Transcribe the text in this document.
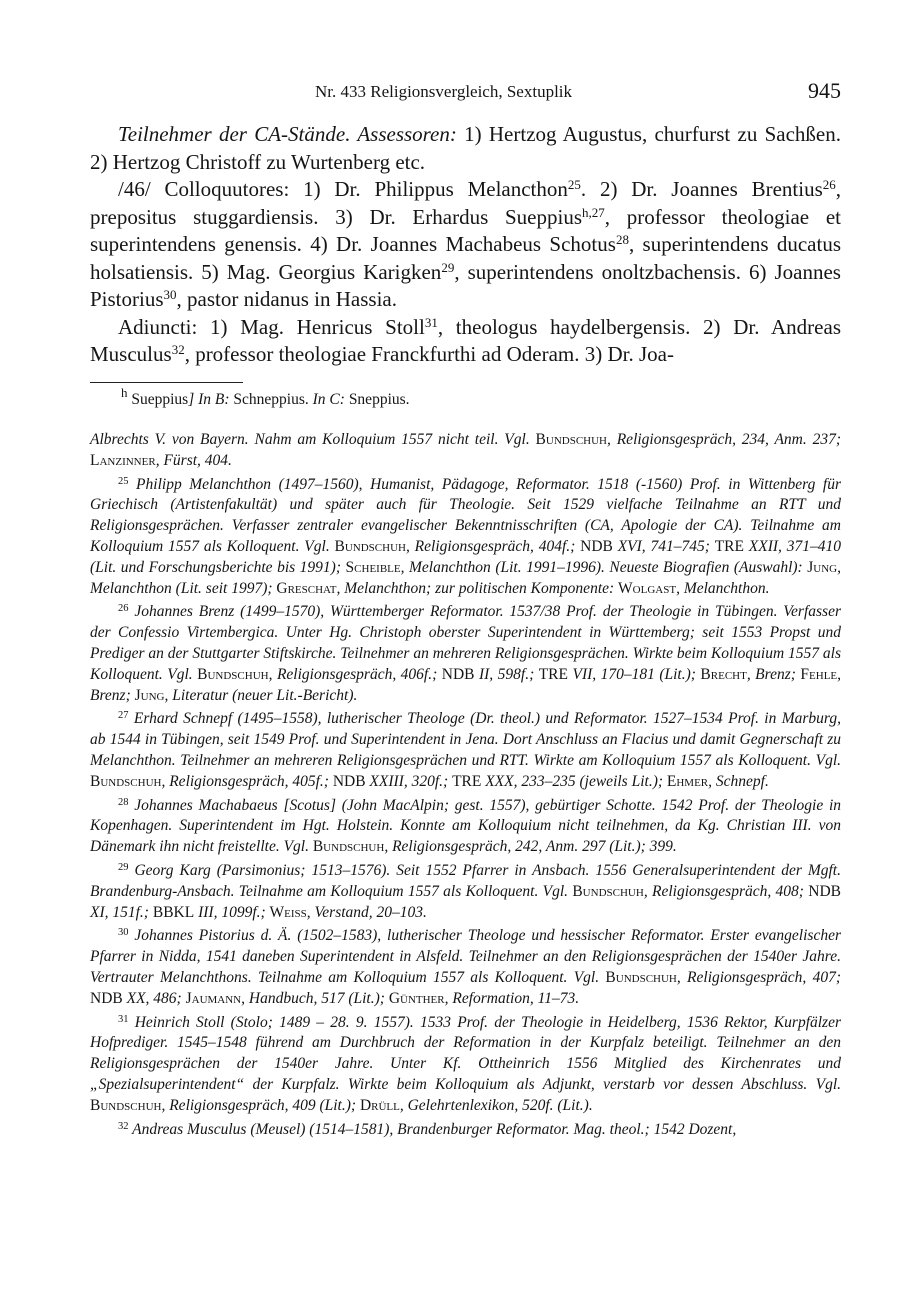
Nr. 433 Religionsvergleich, Sextuplik	945

Teilnehmer der CA-Stände. Assessoren: 1) Hertzog Augustus, churfurst zu Sachßen. 2) Hertzog Christoff zu Wurtenberg etc.

/46/ Colloquutores: 1) Dr. Philippus Melancthon$^{25}$. 2) Dr. Joannes Brentius$^{26}$, prepositus stuggardiensis. 3) Dr. Erhardus Sueppius$^{h,27}$, professor theologiae et superintendens genensis. 4) Dr. Joannes Machabeus Schotus$^{28}$, superintendens ducatus holsatiensis. 5) Mag. Georgius Karigken$^{29}$, superintendens onoltzbachensis. 6) Joannes Pistorius$^{30}$, pastor nidanus in Hassia.

Adiuncti: 1) Mag. Henricus Stoll$^{31}$, theologus haydelbergensis. 2) Dr. Andreas Musculus$^{32}$, professor theologiae Franckfurthi ad Oderam. 3) Dr. Joa-

$^h$ Sueppius] In B: Schneppius. In C: Sneppius.

Albrechts V. von Bayern. Nahm am Kolloquium 1557 nicht teil. Vgl. Bundschuh, Religionsgespräch, 234, Anm. 237; Lanzinner, Fürst, 404.

$^{25}$ Philipp Melanchthon (1497–1560), Humanist, Pädagoge, Reformator. 1518 (-1560) Prof. in Wittenberg für Griechisch (Artistenfakultät) und später auch für Theologie. Seit 1529 vielfache Teilnahme an RTT und Religionsgesprächen. Verfasser zentraler evangelischer Bekenntnisschriften (CA, Apologie der CA). Teilnahme am Kolloquium 1557 als Kolloquent. Vgl. Bundschuh, Religionsgespräch, 404f.; NDB XVI, 741–745; TRE XXII, 371–410 (Lit. und Forschungsberichte bis 1991); Scheible, Melanchthon (Lit. 1991–1996). Neueste Biografien (Auswahl): Jung, Melanchthon (Lit. seit 1997); Greschat, Melanchthon; zur politischen Komponente: Wolgast, Melanchthon.

$^{26}$ Johannes Brenz (1499–1570), Württemberger Reformator. 1537/38 Prof. der Theologie in Tübingen. Verfasser der Confessio Virtembergica. Unter Hg. Christoph oberster Superintendent in Württemberg; seit 1553 Propst und Prediger an der Stuttgarter Stiftskirche. Teilnehmer an mehreren Religionsgesprächen. Wirkte beim Kolloquium 1557 als Kolloquent. Vgl. Bundschuh, Religionsgespräch, 406f.; NDB II, 598f.; TRE VII, 170–181 (Lit.); Brecht, Brenz; Fehle, Brenz; Jung, Literatur (neuer Lit.-Bericht).

$^{27}$ Erhard Schnepf (1495–1558), lutherischer Theologe (Dr. theol.) und Reformator. 1527–1534 Prof. in Marburg, ab 1544 in Tübingen, seit 1549 Prof. und Superintendent in Jena. Dort Anschluss an Flacius und damit Gegnerschaft zu Melanchthon. Teilnehmer an mehreren Religionsgesprächen und RTT. Wirkte am Kolloquium 1557 als Kolloquent. Vgl. Bundschuh, Religionsgespräch, 405f.; NDB XXIII, 320f.; TRE XXX, 233–235 (jeweils Lit.); Ehmer, Schnepf.

$^{28}$ Johannes Machabaeus [Scotus] (John MacAlpin; gest. 1557), gebürtiger Schotte. 1542 Prof. der Theologie in Kopenhagen. Superintendent im Hgt. Holstein. Konnte am Kolloquium nicht teilnehmen, da Kg. Christian III. von Dänemark ihn nicht freistellte. Vgl. Bundschuh, Religionsgespräch, 242, Anm. 297 (Lit.); 399.

$^{29}$ Georg Karg (Parsimonius; 1513–1576). Seit 1552 Pfarrer in Ansbach. 1556 Generalsuperintendent der Mgft. Brandenburg-Ansbach. Teilnahme am Kolloquium 1557 als Kolloquent. Vgl. Bundschuh, Religionsgespräch, 408; NDB XI, 151f.; BBKL III, 1099f.; Weiss, Verstand, 20–103.

$^{30}$ Johannes Pistorius d. Ä. (1502–1583), lutherischer Theologe und hessischer Reformator. Erster evangelischer Pfarrer in Nidda, 1541 daneben Superintendent in Alsfeld. Teilnehmer an den Religionsgesprächen der 1540er Jahre. Vertrauter Melanchthons. Teilnahme am Kolloquium 1557 als Kolloquent. Vgl. Bundschuh, Religionsgespräch, 407; NDB XX, 486; Jaumann, Handbuch, 517 (Lit.); Günther, Reformation, 11–73.

$^{31}$ Heinrich Stoll (Stolo; 1489 – 28. 9. 1557). 1533 Prof. der Theologie in Heidelberg, 1536 Rektor, Kurpfälzer Hofprediger. 1545–1548 führend am Durchbruch der Reformation in der Kurpfalz beteiligt. Teilnehmer an den Religionsgesprächen der 1540er Jahre. Unter Kf. Ottheinrich 1556 Mitglied des Kirchenrates und „Spezialsuperintendent“ der Kurpfalz. Wirkte beim Kolloquium als Adjunkt, verstarb vor dessen Abschluss. Vgl. Bundschuh, Religionsgespräch, 409 (Lit.); Drüll, Gelehrtenlexikon, 520f. (Lit.).

$^{32}$ Andreas Musculus (Meusel) (1514–1581), Brandenburger Reformator. Mag. theol.; 1542 Dozent,
